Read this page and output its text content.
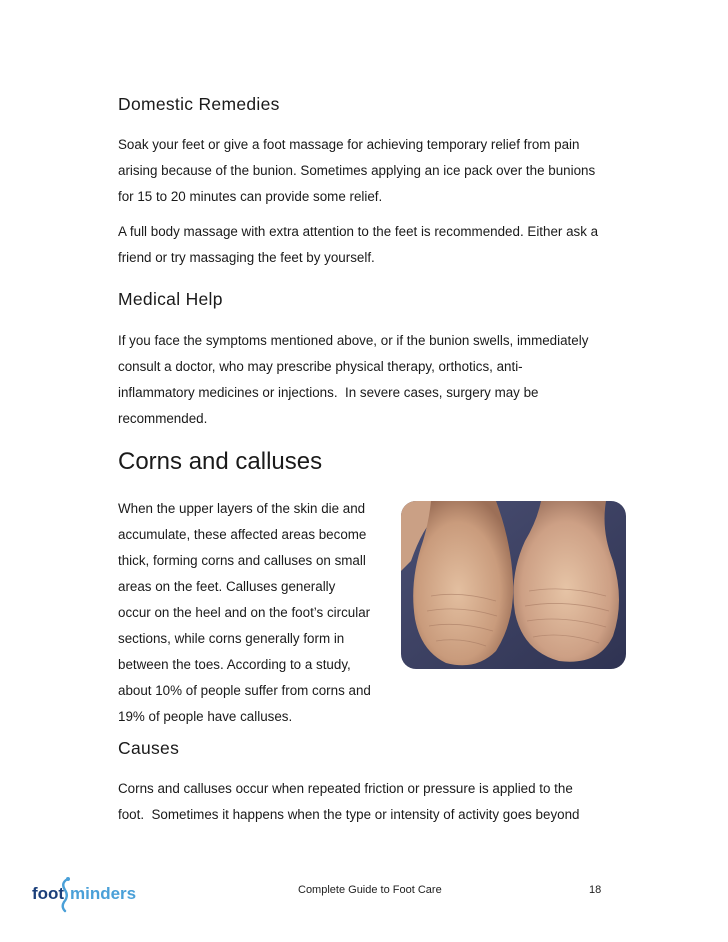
Domestic Remedies

Soak your feet or give a foot massage for achieving temporary relief from pain
arising because of the bunion. Sometimes applying an ice pack over the bunions
for 15 to 20 minutes can provide some relief.

A full body massage with extra attention to the feet is recommended. Either ask a
friend or try massaging the feet by yourself.

Medical Help

If you face the symptoms mentioned above, or if the bunion swells, immediately
consult a doctor, who may prescribe physical therapy, orthotics, anti-
inflammatory medicines or injections.  In severe cases, surgery may be
recommended.

Corns and calluses

When the upper layers of the skin die and
accumulate, these affected areas become
thick, forming corns and calluses on small
areas on the feet. Calluses generally
occur on the heel and on the foot’s circular
sections, while corns generally form in
between the toes. According to a study,
about 10% of people suffer from corns and
19% of people have calluses.

Causes

Corns and calluses occur when repeated friction or pressure is applied to the
foot.  Sometimes it happens when the type or intensity of activity goes beyond

foot minders	Complete Guide to Foot Care	18
